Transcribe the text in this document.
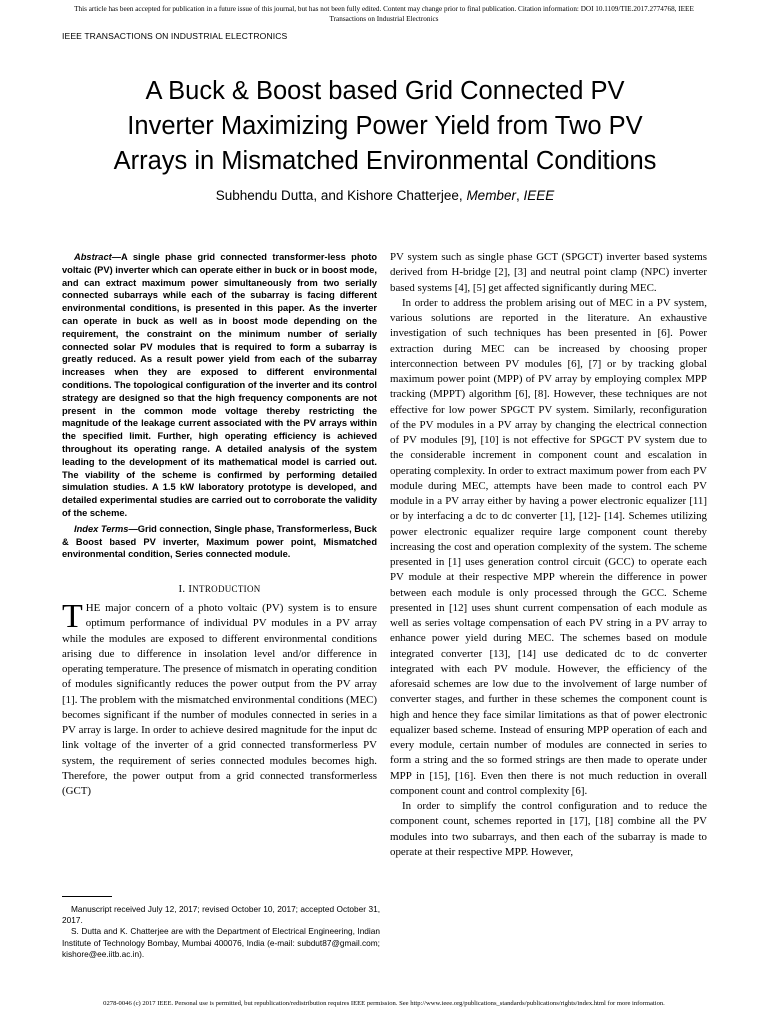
This article has been accepted for publication in a future issue of this journal, but has not been fully edited. Content may change prior to final publication. Citation information: DOI 10.1109/TIE.2017.2774768, IEEE
Transactions on Industrial Electronics
IEEE TRANSACTIONS ON INDUSTRIAL ELECTRONICS
A Buck & Boost based Grid Connected PV
Inverter Maximizing Power Yield from Two PV
Arrays in Mismatched Environmental Conditions
Subhendu Dutta, and Kishore Chatterjee, Member, IEEE

Abstract—A single phase grid connected transformer-less photo voltaic (PV) inverter which can operate either in buck or in boost mode, and can extract maximum power simultaneously from two serially connected subarrays while each of the subarray is facing different environmental conditions, is presented in this paper. As the inverter can operate in buck as well as in boost mode depending on the requirement, the constraint on the minimum number of serially connected solar PV modules that is required to form a subarray is greatly reduced. As a result power yield from each of the subarray increases when they are exposed to different environmental conditions. The topological configuration of the inverter and its control strategy are designed so that the high frequency components are not present in the common mode voltage thereby restricting the magnitude of the leakage current associated with the PV arrays within the specified limit. Further, high operating efficiency is achieved throughout its operating range. A detailed analysis of the system leading to the development of its mathematical model is carried out. The viability of the scheme is confirmed by performing detailed simulation studies. A 1.5 kW laboratory prototype is developed, and detailed experimental studies are carried out to corroborate the validity of the scheme.

Index Terms—Grid connection, Single phase, Transformerless, Buck & Boost based PV inverter, Maximum power point, Mismatched environmental condition, Series connected module.

I. INTRODUCTION

THE major concern of a photo voltaic (PV) system is to ensure optimum performance of individual PV modules in a PV array while the modules are exposed to different environmental conditions arising due to difference in insolation level and/or difference in operating temperature. The presence of mismatch in operating condition of modules significantly reduces the power output from the PV array [1]. The problem with the mismatched environmental conditions (MEC) becomes significant if the number of modules connected in series in a PV array is large. In order to achieve desired magnitude for the input dc link voltage of the inverter of a grid connected transformerless PV system, the requirement of series connected modules becomes high. Therefore, the power output from a grid connected transformerless (GCT)

Manuscript received July 12, 2017; revised October 10, 2017; accepted October 31, 2017.

S. Dutta and K. Chatterjee are with the Department of Electrical Engineering, Indian Institute of Technology Bombay, Mumbai 400076, India (e-mail: subdut87@gmail.com; kishore@ee.iitb.ac.in).

PV system such as single phase GCT (SPGCT) inverter based systems derived from H-bridge [2], [3] and neutral point clamp (NPC) inverter based systems [4], [5] get affected significantly during MEC.

In order to address the problem arising out of MEC in a PV system, various solutions are reported in the literature. An exhaustive investigation of such techniques has been presented in [6]. Power extraction during MEC can be increased by choosing proper interconnection between PV modules [6], [7] or by tracking global maximum power point (MPP) of PV array by employing complex MPP tracking (MPPT) algorithm [6], [8]. However, these techniques are not effective for low power SPGCT PV system. Similarly, reconfiguration of the PV modules in a PV array by changing the electrical connection of PV modules [9], [10] is not effective for SPGCT PV system due to the considerable increment in component count and escalation in operating complexity. In order to extract maximum power from each PV module during MEC, attempts have been made to control each PV module in a PV array either by having a power electronic equalizer [11] or by interfacing a dc to dc converter [1], [12]- [14]. Schemes utilizing power electronic equalizer require large component count thereby increasing the cost and operation complexity of the system. The scheme presented in [1] uses generation control circuit (GCC) to operate each PV module at their respective MPP wherein the difference in power between each module is only processed through the GCC. Scheme presented in [12] uses shunt current compensation of each module as well as series voltage compensation of each PV string in a PV array to enhance power yield during MEC. The schemes based on module integrated converter [13], [14] use dedicated dc to dc converter integrated with each PV module. However, the efficiency of the aforesaid schemes are low due to the involvement of large number of converter stages, and further in these schemes the component count is high and hence they face similar limitations as that of power electronic equalizer based scheme. Instead of ensuring MPP operation of each and every module, certain number of modules are connected in series to form a string and the so formed strings are then made to operate under MPP in [15], [16]. Even then there is not much reduction in overall component count and control complexity [6].

In order to simplify the control configuration and to reduce the component count, schemes reported in [17], [18] combine all the PV modules into two subarrays, and then each of the subarray is made to operate at their respective MPP. However,

0278-0046 (c) 2017 IEEE. Personal use is permitted, but republication/redistribution requires IEEE permission. See http://www.ieee.org/publications_standards/publications/rights/index.html for more information.
